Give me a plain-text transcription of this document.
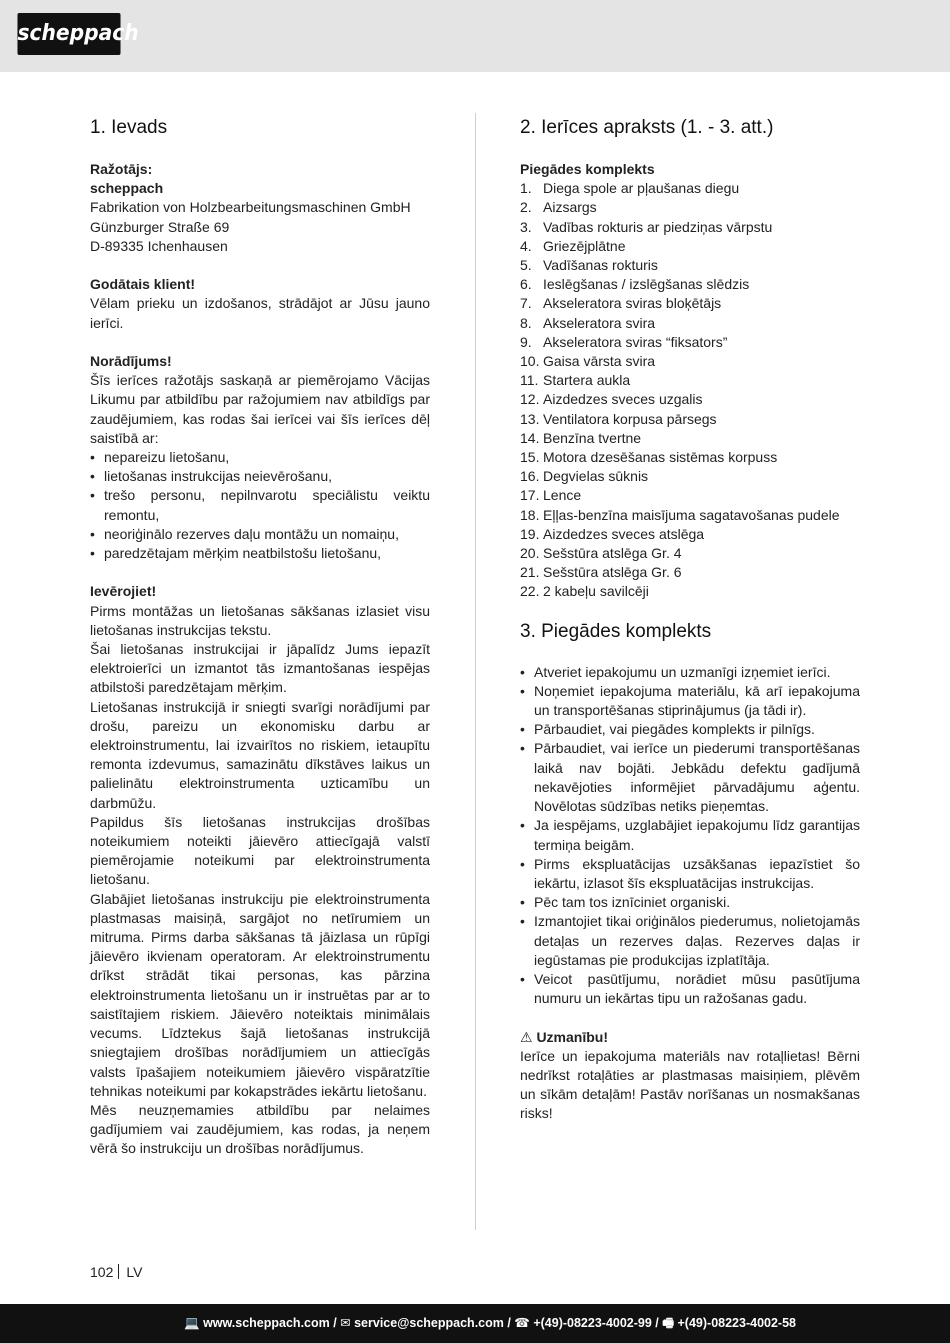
scheppach
1. Ievads

Ražotājs:

scheppach

Fabrikation von Holzbearbeitungsmaschinen GmbH

Günzburger Straße 69

D-89335 Ichenhausen

Godātais klient!

Vēlam prieku un izdošanos, strādājot ar Jūsu jauno ierīci.

Norādījums!

Šīs ierīces ražotājs saskaņā ar piemērojamo Vācijas Likumu par atbildību par ražojumiem nav atbildīgs par zaudējumiem, kas rodas šai ierīcei vai šīs ierīces dēļ saistībā ar:

• nepareizu lietošanu,
• lietošanas instrukcijas neievērošanu,
• trešo personu, nepilnvarotu speciālistu veiktu remontu,
• neoriģinālo rezerves daļu montāžu un nomaiņu,
• paredzētajam mērķim neatbilstošu lietošanu,

Ievērojiet!

Pirms montāžas un lietošanas sākšanas izlasiet visu lietošanas instrukcijas tekstu.

Šai lietošanas instrukcijai ir jāpalīdz Jums iepazīt elektroierīci un izmantot tās izmantošanas iespējas atbilstoši paredzētajam mērķim.

Lietošanas instrukcijā ir sniegti svarīgi norādījumi par drošu, pareizu un ekonomisku darbu ar elektroinstrumentu, lai izvairītos no riskiem, ietaupītu remonta izdevumus, samazinātu dīkstāves laikus un palielinātu elektroinstrumenta uzticamību un darbmūžu.

Papildus šīs lietošanas instrukcijas drošības noteikumiem noteikti jāievēro attiecīgajā valstī piemērojamie noteikumi par elektroinstrumenta lietošanu.

Glabājiet lietošanas instrukciju pie elektroinstrumenta plastmasas maisiņā, sargājot no netīrumiem un mitruma. Pirms darba sākšanas tā jāizlasa un rūpīgi jāievēro ikvienam operatoram. Ar elektroinstrumentu drīkst strādāt tikai personas, kas pārzina elektroinstrumenta lietošanu un ir instruētas par ar to saistītajiem riskiem. Jāievēro noteiktais minimālais vecums. Līdztekus šajā lietošanas instrukcijā sniegtajiem drošības norādījumiem un attiecīgās valsts īpašajiem noteikumiem jāievēro vispāratzītie tehnikas noteikumi par kokapstrādes iekārtu lietošanu.

Mēs neuzņemamies atbildību par nelaimes gadījumiem vai zaudējumiem, kas rodas, ja neņem vērā šo instrukciju un drošības norādījumus.

2. Ierīces apraksts (1. - 3. att.)

Piegādes komplekts

1. Diega spole ar pļaušanas diegu
2. Aizsargs
3. Vadības rokturis ar piedziņas vārpstu
4. Griezējplātne
5. Vadīšanas rokturis
6. Ieslēgšanas / izslēgšanas slēdzis
7. Akseleratora sviras bloķētājs
8. Akseleratora svira
9. Akseleratora sviras “fiksators”
10. Gaisa vārsta svira
11. Startera aukla
12. Aizdedzes sveces uzgalis
13. Ventilatora korpusa pārsegs
14. Benzīna tvertne
15. Motora dzesēšanas sistēmas korpuss
16. Degvielas sūknis
17. Lence
18. Eļļas-benzīna maisījuma sagatavošanas pudele
19. Aizdedzes sveces atslēga
20. Sešstūra atslēga Gr. 4
21. Sešstūra atslēga Gr. 6
22. 2 kabeļu savilcēji
3. Piegādes komplekts
• Atveriet iepakojumu un uzmanīgi izņemiet ierīci.
• Noņemiet iepakojuma materiālu, kā arī iepakojuma un transportēšanas stiprinājumus (ja tādi ir).
• Pārbaudiet, vai piegādes komplekts ir pilnīgs.
• Pārbaudiet, vai ierīce un piederumi transportēšanas laikā nav bojāti. Jebkādu defektu gadījumā nekavējoties informējiet pārvadājumu aģentu. Novēlotas sūdzības netiks pieņemtas.
• Ja iespējams, uzglabājiet iepakojumu līdz garantijas termiņa beigām.
• Pirms ekspluatācijas uzsākšanas iepazīstiet šo iekārtu, izlasot šīs ekspluatācijas instrukcijas.
• Pēc tam tos iznīciniet organiski.
• Izmantojiet tikai oriģinālos piederumus, nolietojamās detaļas un rezerves daļas. Rezerves daļas ir iegūstamas pie produkcijas izplatītāja.
• Veicot pasūtījumu, norādiet mūsu pasūtījuma numuru un iekārtas tipu un ražošanas gadu.

⚠ Uzmanību!

Ierīce un iepakojuma materiāls nav rotaļlietas! Bērni nedrīkst rotaļāties ar plastmasas maisiņiem, plēvēm un sīkām detaļām! Pastāv norīšanas un nosmakšanas risks!

102 LV
💻 www.scheppach.com / ✉ service@scheppach.com / ☎ +(49)-08223-4002-99 / 🖷 +(49)-08223-4002-58
